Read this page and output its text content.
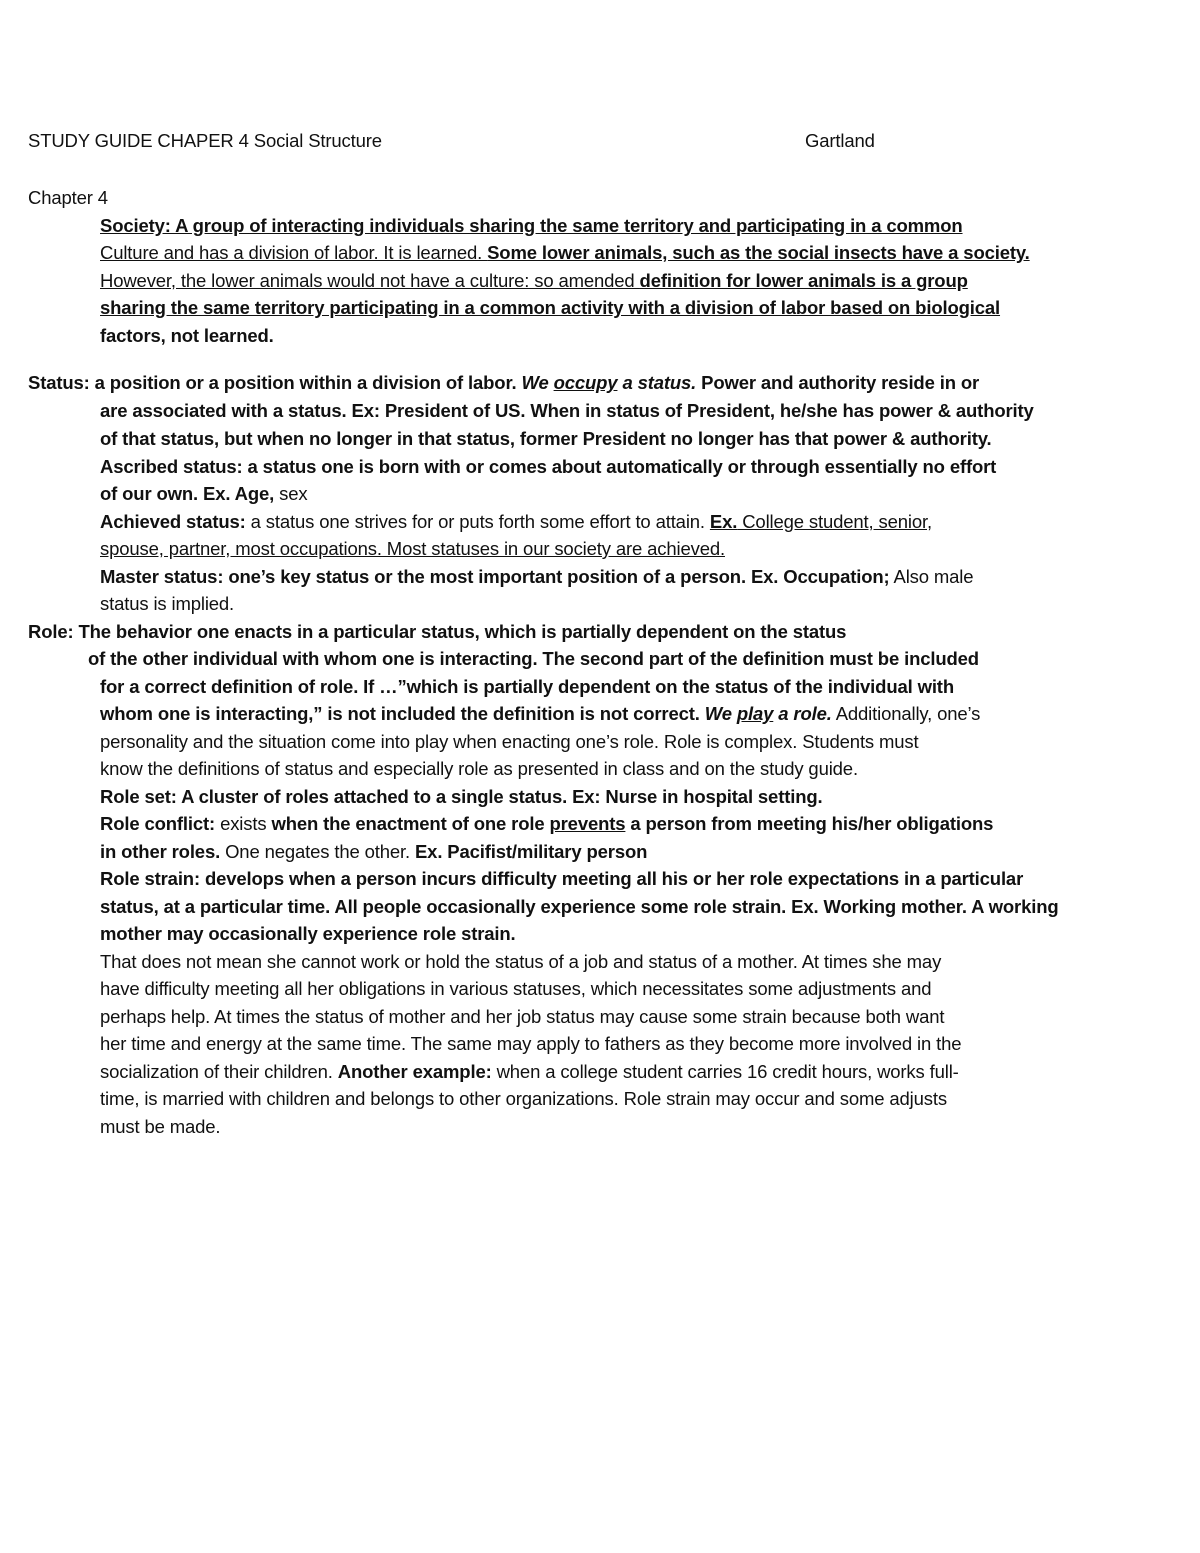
STUDY GUIDE CHAPER 4 Social Structure	Gartland
Chapter 4
Society: A group of interacting individuals sharing the same territory and participating in a common
Culture and has a division of labor. It is learned. Some lower animals, such as the social insects have a society.
However, the lower animals would not have a culture: so amended definition for lower animals is a group
sharing the same territory participating in a common activity with a division of labor based on biological
factors, not learned.
Status: a position or a position within a division of labor. We occupy a status. Power and authority reside in or
are associated with a status. Ex: President of US. When in status of President, he/she has power & authority
of that status, but when no longer in that status, former President no longer has that power & authority.
Ascribed status: a status one is born with or comes about automatically or through essentially no effort
of our own. Ex. Age, sex
Achieved status: a status one strives for or puts forth some effort to attain. Ex. College student, senior,
spouse, partner, most occupations. Most statuses in our society are achieved.
Master status: one’s key status or the most important position of a person. Ex. Occupation; Also male
status is implied.
Role: The behavior one enacts in a particular status, which is partially dependent on the status
of the other individual with whom one is interacting. The second part of the definition must be included
for a correct definition of role. If …”which is partially dependent on the status of the individual with
whom one is interacting,” is not included the definition is not correct. We play a role. Additionally, one’s
personality and the situation come into play when enacting one’s role. Role is complex. Students must
know the definitions of status and especially role as presented in class and on the study guide.
Role set: A cluster of roles attached to a single status. Ex: Nurse in hospital setting.
Role conflict: exists when the enactment of one role prevents a person from meeting his/her obligations
in other roles. One negates the other. Ex. Pacifist/military person
Role strain: develops when a person incurs difficulty meeting all his or her role expectations in a particular
status, at a particular time. All people occasionally experience some role strain. Ex. Working mother. A working
mother may occasionally experience role strain.
That does not mean she cannot work or hold the status of a job and status of a mother. At times she may
have difficulty meeting all her obligations in various statuses, which necessitates some adjustments and
perhaps help. At times the status of mother and her job status may cause some strain because both want
her time and energy at the same time. The same may apply to fathers as they become more involved in the
socialization of their children. Another example: when a college student carries 16 credit hours, works full-
time, is married with children and belongs to other organizations. Role strain may occur and some adjusts
must be made.
